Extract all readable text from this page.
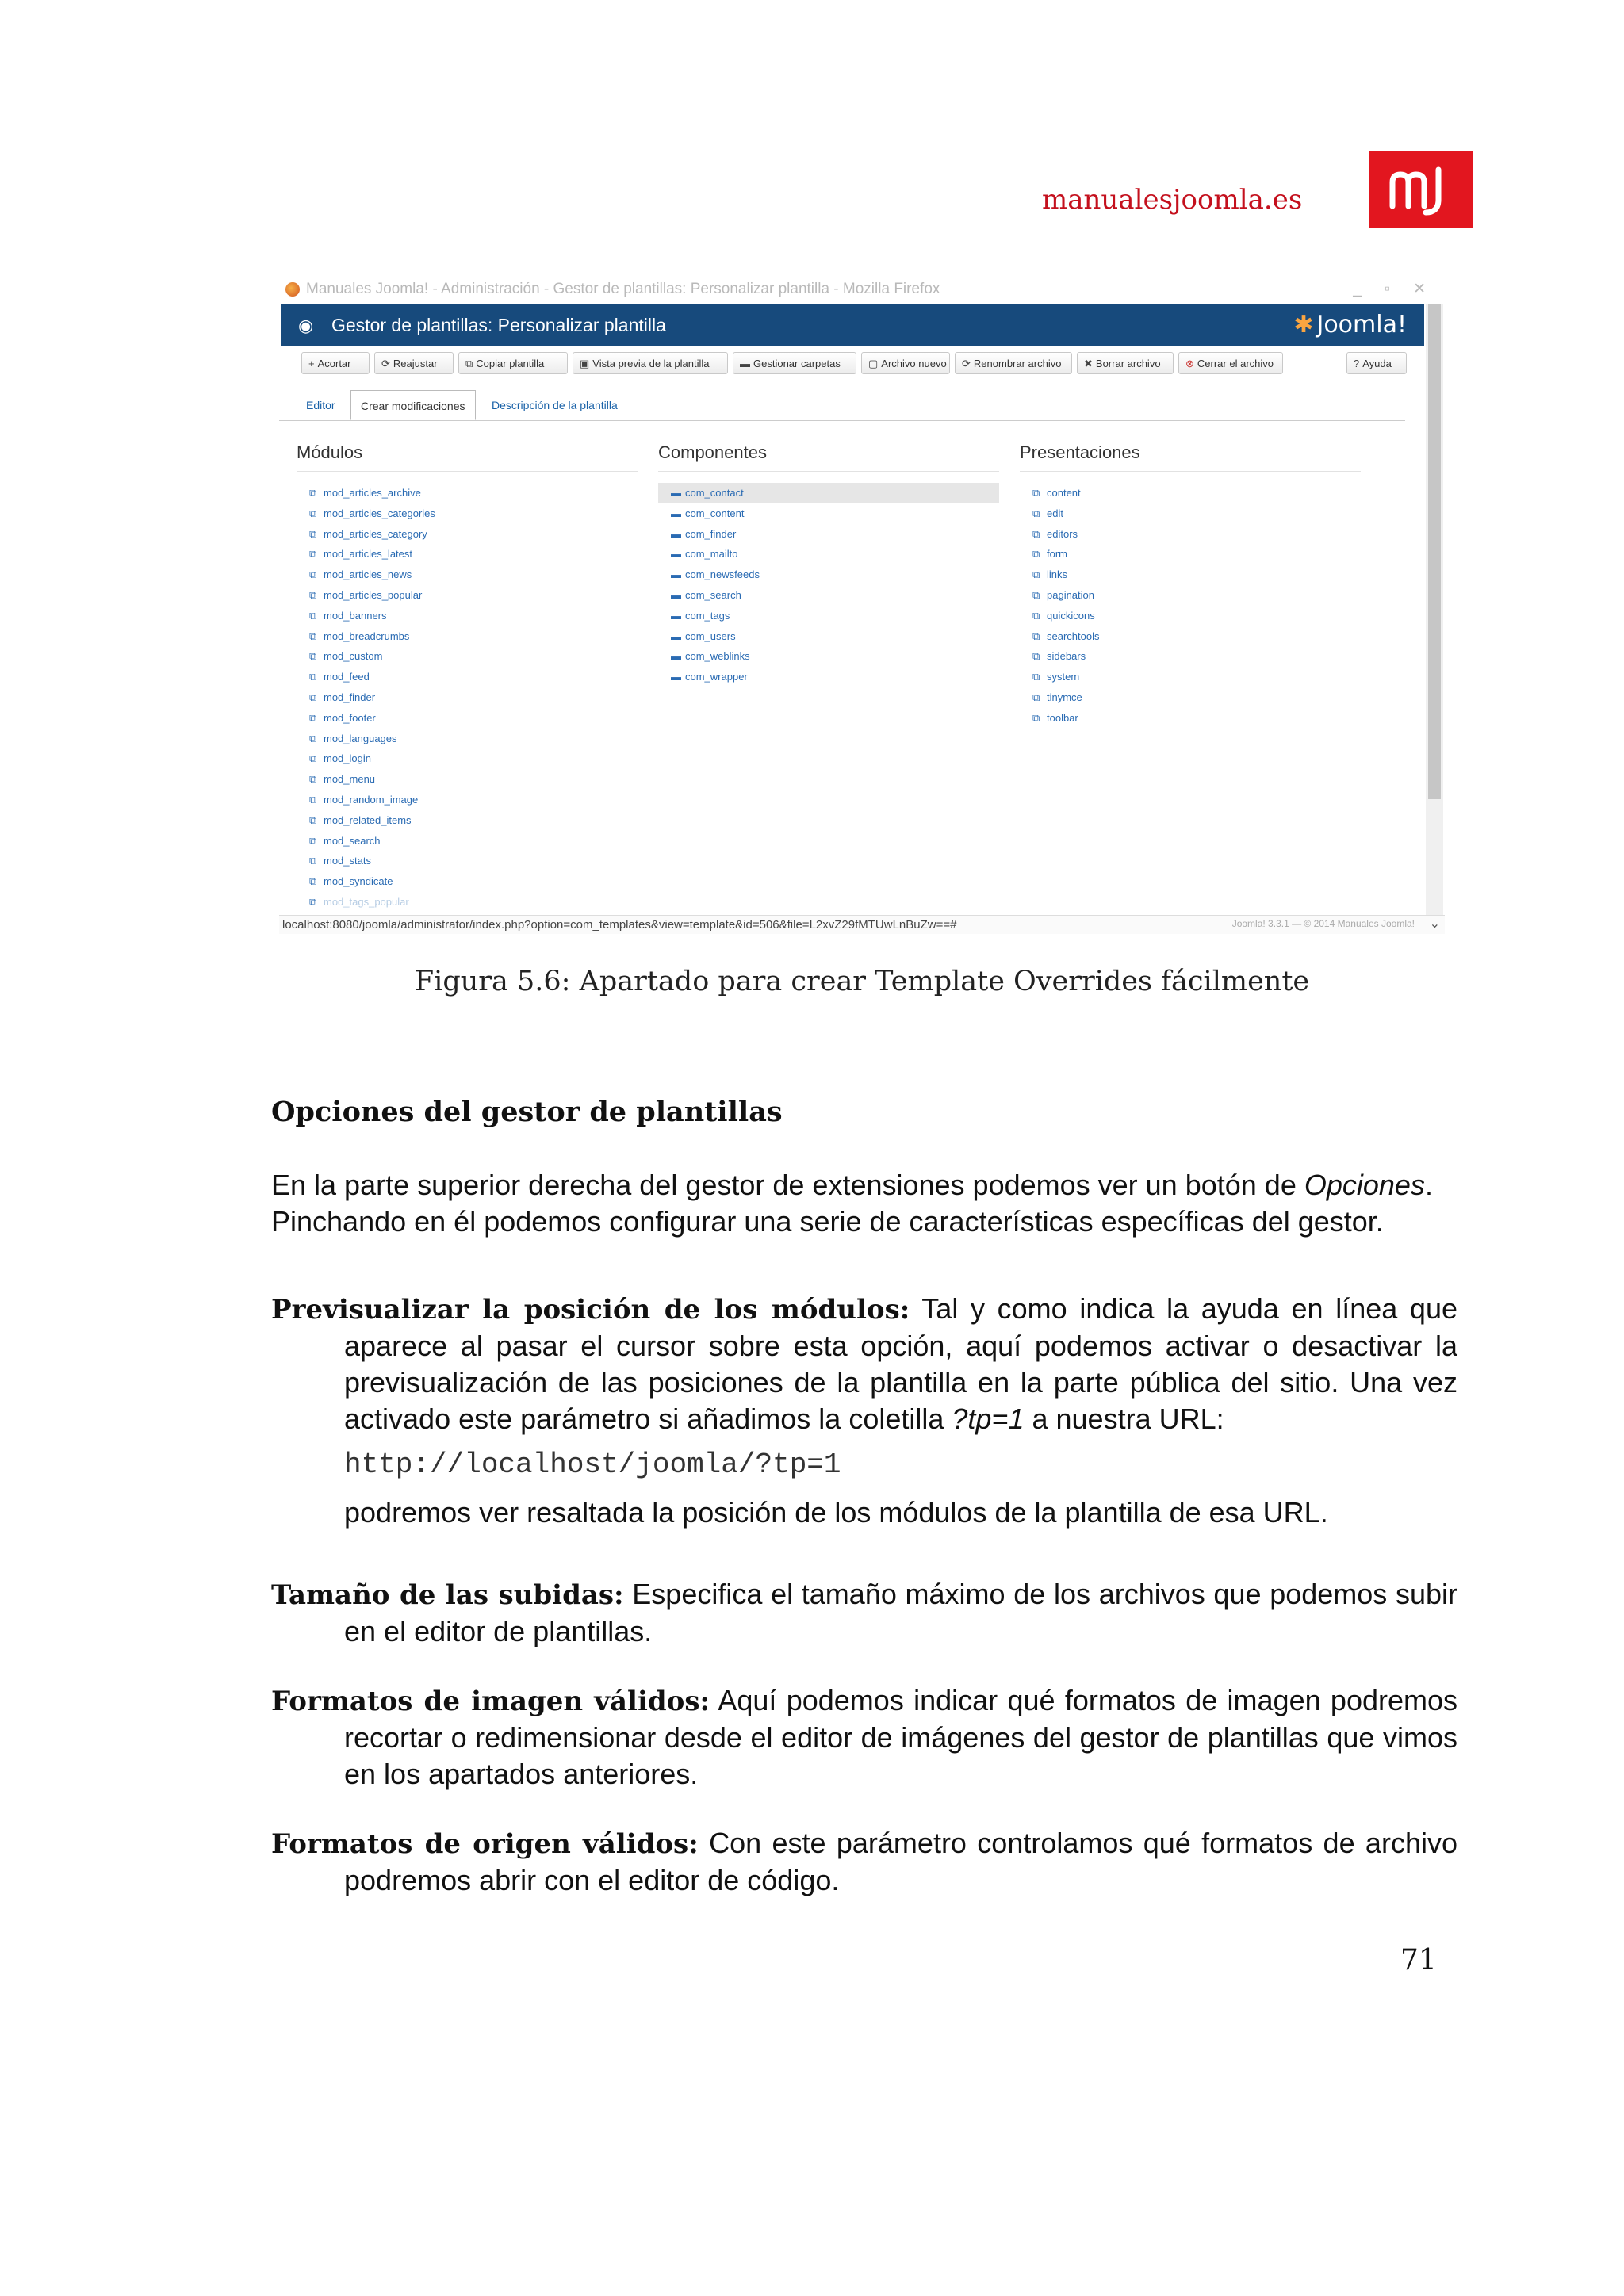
manualesjoomla.es
Manuales Joomla! - Administración - Gestor de plantillas: Personalizar plantilla - Mozilla Firefox	_ ▫ ✕
◉ Gestor de plantillas: Personalizar plantilla	✱ Joomla!
+ Acortar	⟳ Reajustar	⧉ Copiar plantilla	▣ Vista previa de la plantilla	▬ Gestionar carpetas	▢ Archivo nuevo	⟳ Renombrar archivo	✖ Borrar archivo	⊗ Cerrar el archivo	? Ayuda
Editor	Crear modificaciones	Descripción de la plantilla
Módulos
⧉ mod_articles_archive
⧉ mod_articles_categories
⧉ mod_articles_category
⧉ mod_articles_latest
⧉ mod_articles_news
⧉ mod_articles_popular
⧉ mod_banners
⧉ mod_breadcrumbs
⧉ mod_custom
⧉ mod_feed
⧉ mod_finder
⧉ mod_footer
⧉ mod_languages
⧉ mod_login
⧉ mod_menu
⧉ mod_random_image
⧉ mod_related_items
⧉ mod_search
⧉ mod_stats
⧉ mod_syndicate
⧉ mod_tags_popular
Componentes
▬ com_contact
▬ com_content
▬ com_finder
▬ com_mailto
▬ com_newsfeeds
▬ com_search
▬ com_tags
▬ com_users
▬ com_weblinks
▬ com_wrapper
Presentaciones
⧉ content
⧉ edit
⧉ editors
⧉ form
⧉ links
⧉ pagination
⧉ quickicons
⧉ searchtools
⧉ sidebars
⧉ system
⧉ tinymce
⧉ toolbar
localhost:8080/joomla/administrator/index.php?option=com_templates&view=template&id=506&file=L2xvZ29fMTUwLnBuZw==#	Joomla! 3.3.1 — © 2014 Manuales Joomla! ⌄
Figura 5.6: Apartado para crear Template Overrides fácilmente
Opciones del gestor de plantillas
En la parte superior derecha del gestor de extensiones podemos ver un botón de Opciones. Pinchando en él podemos configurar una serie de características específicas del gestor.
Previsualizar la posición de los módulos: Tal y como indica la ayuda en línea que aparece al pasar el cursor sobre esta opción, aquí podemos activar o desactivar la previsualización de las posiciones de la plantilla en la parte pública del sitio. Una vez activado este parámetro si añadimos la coletilla ?tp=1 a nuestra URL:
http://localhost/joomla/?tp=1
podremos ver resaltada la posición de los módulos de la plantilla de esa URL.
Tamaño de las subidas: Especifica el tamaño máximo de los archivos que podemos subir en el editor de plantillas.
Formatos de imagen válidos: Aquí podemos indicar qué formatos de imagen podremos recortar o redimensionar desde el editor de imágenes del gestor de plantillas que vimos en los apartados anteriores.
Formatos de origen válidos: Con este parámetro controlamos qué formatos de archivo podremos abrir con el editor de código.
71
